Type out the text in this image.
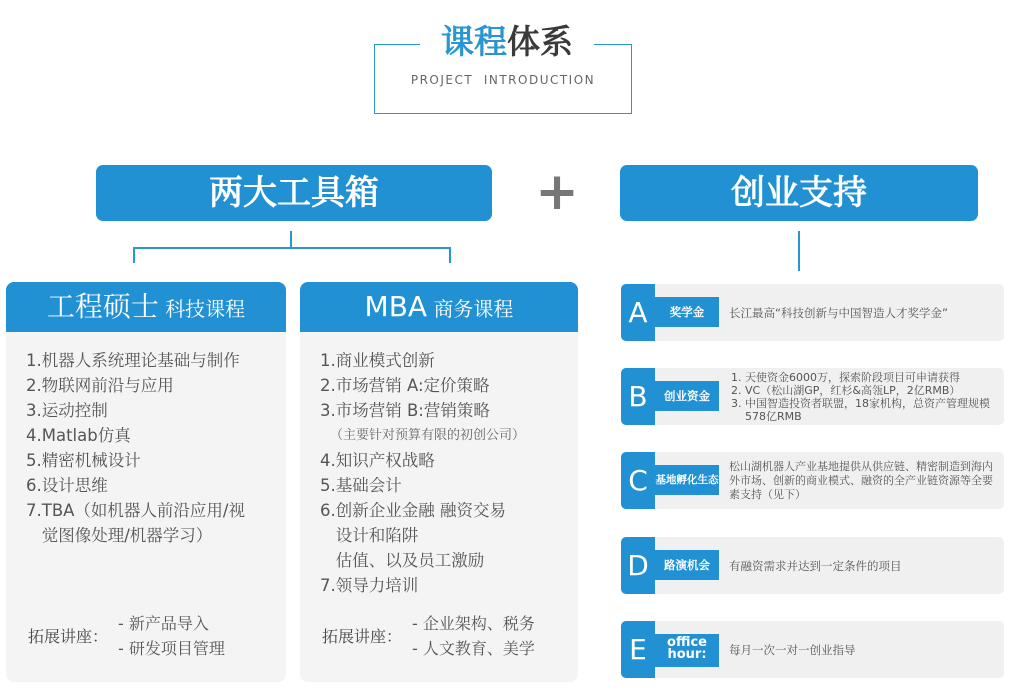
课程体系
PROJECT  INTRODUCTION
两大工具箱	+	创业支持
工程硕士 科技课程
1.机器人系统理论基础与制作
2.物联网前沿与应用
3.运动控制
4.Matlab仿真
5.精密机械设计
6.设计思维
7.TBA（如机器人前沿应用/视
觉图像处理/机器学习）
拓展讲座：
- 新产品导入
- 研发项目管理
MBA 商务课程
1.商业模式创新
2.市场营销 A:定价策略
3.市场营销 B:营销策略
（主要针对预算有限的初创公司）
4.知识产权战略
5.基础会计
6.创新企业金融 融资交易
设计和陷阱
估值、以及员工激励
7.领导力培训
拓展讲座：
- 企业架构、税务
- 人文教育、美学
A	奖学金	长江最高“科技创新与中国智造人才奖学金”
B	创业资金
1. 天使资金6000万，探索阶段项目可申请获得
2. VC（松山湖GP，红杉&高瓴LP，2亿RMB）
3. 中国智造投资者联盟，18家机构，总资产管理规模578亿RMB
C 基地孵化生态
松山湖机器人产业基地提供从供应链、精密制造到海内外市场、创新的商业模式、融资的全产业链资源等全要素支持（见下）
D	路演机会	有融资需求并达到一定条件的项目
E	office
hour:	每月一次一对一创业指导
